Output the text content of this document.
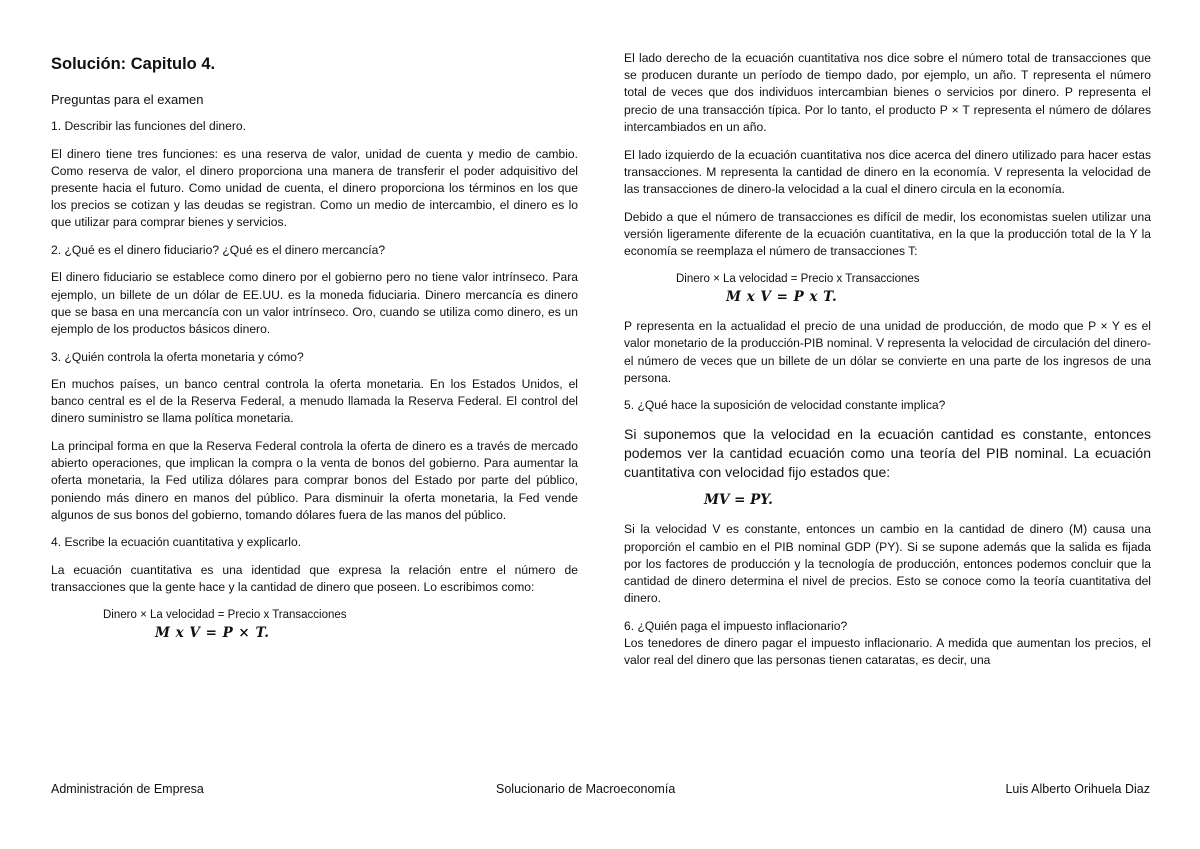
Solución: Capitulo 4.

Preguntas para el examen

1. Describir las funciones del dinero.

El dinero tiene tres funciones: es una reserva de valor, unidad de cuenta y medio de cambio. Como reserva de valor, el dinero proporciona una manera de transferir el poder adquisitivo del presente hacia el futuro. Como unidad de cuenta, el dinero proporciona los términos en los que los precios se cotizan y las deudas se registran. Como un medio de intercambio, el dinero es lo que utilizar para comprar bienes y servicios.

2. ¿Qué es el dinero fiduciario? ¿Qué es el dinero mercancía?

El dinero fiduciario se establece como dinero por el gobierno pero no tiene valor intrínseco. Para ejemplo, un billete de un dólar de EE.UU. es la moneda fiduciaria. Dinero mercancía es dinero que se basa en una mercancía con un valor intrínseco. Oro, cuando se utiliza como dinero, es un ejemplo de los productos básicos dinero.

3. ¿Quién controla la oferta monetaria y cómo?

En muchos países, un banco central controla la oferta monetaria. En los Estados Unidos, el banco central es el de la Reserva Federal, a menudo llamada la Reserva Federal. El control del dinero suministro se llama política monetaria.

La principal forma en que la Reserva Federal controla la oferta de dinero es a través de mercado abierto operaciones, que implican la compra o la venta de bonos del gobierno. Para aumentar la oferta monetaria, la Fed utiliza dólares para comprar bonos del Estado por parte del público, poniendo más dinero en manos del público. Para disminuir la oferta monetaria, la Fed vende algunos de sus bonos del gobierno, tomando dólares fuera de las manos del público.

4. Escribe la ecuación cuantitativa y explicarlo.

La ecuación cuantitativa es una identidad que expresa la relación entre el número de transacciones que la gente hace y la cantidad de dinero que poseen. Lo escribimos como:

Dinero × La velocidad = Precio x Transacciones
M x V = P × T.

El lado derecho de la ecuación cuantitativa nos dice sobre el número total de transacciones que se producen durante un período de tiempo dado, por ejemplo, un año. T representa el número total de veces que dos individuos intercambian bienes o servicios por dinero. P representa el precio de una transacción típica. Por lo tanto, el producto P × T representa el número de dólares intercambiados en un año.

El lado izquierdo de la ecuación cuantitativa nos dice acerca del dinero utilizado para hacer estas transacciones. M representa la cantidad de dinero en la economía. V representa la velocidad de las transacciones de dinero-la velocidad a la cual el dinero circula en la economía.

Debido a que el número de transacciones es difícil de medir, los economistas suelen utilizar una versión ligeramente diferente de la ecuación cuantitativa, en la que la producción total de la Y la economía se reemplaza el número de transacciones T:

Dinero × La velocidad = Precio x Transacciones
M x V = P x T.

P representa en la actualidad el precio de una unidad de producción, de modo que P × Y es el valor monetario de la producción-PIB nominal. V representa la velocidad de circulación del dinero-el número de veces que un billete de un dólar se convierte en una parte de los ingresos de una persona.

5. ¿Qué hace la suposición de velocidad constante implica?

Si suponemos que la velocidad en la ecuación cantidad es constante, entonces podemos ver la cantidad ecuación como una teoría del PIB nominal. La ecuación cuantitativa con velocidad fijo estados que:

MV = PY.

Si la velocidad V es constante, entonces un cambio en la cantidad de dinero (M) causa una proporción el cambio en el PIB nominal GDP (PY). Si se supone además que la salida es fijada por los factores de producción y la tecnología de producción, entonces podemos concluir que la cantidad de dinero determina el nivel de precios. Esto se conoce como la teoría cuantitativa del dinero.

6. ¿Quién paga el impuesto inflacionario?

Los tenedores de dinero pagar el impuesto inflacionario. A medida que aumentan los precios, el valor real del dinero que las personas tienen cataratas, es decir, una

Administración de Empresa	Solucionario de Macroeconomía	Luis Alberto Orihuela Diaz
